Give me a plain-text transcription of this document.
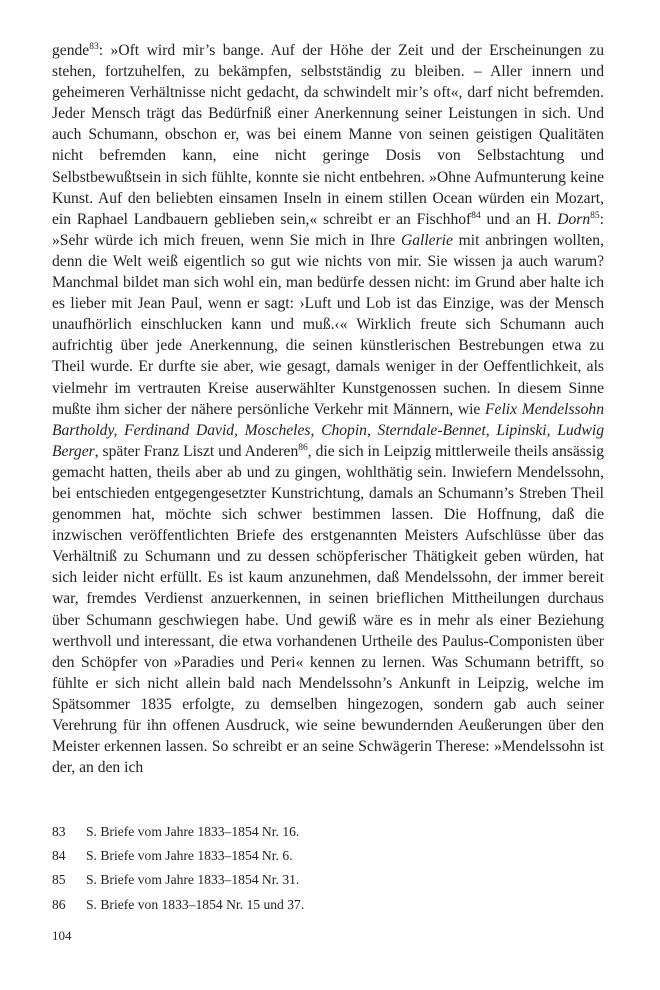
gende$^{83}$: »Oft wird mir’s bange. Auf der Höhe der Zeit und der Erscheinungen zu stehen, fortzuhelfen, zu bekämpfen, selbstständig zu bleiben. – Aller innern und geheimeren Verhältnisse nicht gedacht, da schwindelt mir’s oft«, darf nicht befremden. Jeder Mensch trägt das Bedürfniß einer Anerkennung seiner Leistungen in sich. Und auch Schumann, obschon er, was bei einem Manne von seinen geistigen Qualitäten nicht befremden kann, eine nicht geringe Dosis von Selbstachtung und Selbstbewußtsein in sich fühlte, konnte sie nicht entbehren. »Ohne Aufmunterung keine Kunst. Auf den beliebten einsamen Inseln in einem stillen Ocean würden ein Mozart, ein Raphael Landbauern geblieben sein,« schreibt er an Fischhof$^{84}$ und an H. Dorn$^{85}$: »Sehr würde ich mich freuen, wenn Sie mich in Ihre Gallerie mit anbringen wollten, denn die Welt weiß eigentlich so gut wie nichts von mir. Sie wissen ja auch warum? Manchmal bildet man sich wohl ein, man bedürfe dessen nicht: im Grund aber halte ich es lieber mit Jean Paul, wenn er sagt: ›Luft und Lob ist das Einzige, was der Mensch unaufhörlich einschlucken kann und muß.‹« Wirklich freute sich Schumann auch aufrichtig über jede Anerkennung, die seinen künstlerischen Bestrebungen etwa zu Theil wurde. Er durfte sie aber, wie gesagt, damals weniger in der Oeffentlichkeit, als vielmehr im vertrauten Kreise auserwählter Kunstgenossen suchen. In diesem Sinne mußte ihm sicher der nähere persönliche Verkehr mit Männern, wie Felix Mendelssohn Bartholdy, Ferdinand David, Moscheles, Chopin, Sterndale-Bennet, Lipinski, Ludwig Berger, später Franz Liszt und Anderen$^{86}$, die sich in Leipzig mittlerweile theils ansässig gemacht hatten, theils aber ab und zu gingen, wohlthätig sein. Inwiefern Mendelssohn, bei entschieden entgegengesetzter Kunstrichtung, damals an Schumann’s Streben Theil genommen hat, möchte sich schwer bestimmen lassen. Die Hoffnung, daß die inzwischen veröffentlichten Briefe des erstgenannten Meisters Aufschlüsse über das Verhältniß zu Schumann und zu dessen schöpferischer Thätigkeit geben würden, hat sich leider nicht erfüllt. Es ist kaum anzunehmen, daß Mendelssohn, der immer bereit war, fremdes Verdienst anzuerkennen, in seinen brieflichen Mittheilungen durchaus über Schumann geschwiegen habe. Und gewiß wäre es in mehr als einer Beziehung werthvoll und interessant, die etwa vorhandenen Urtheile des Paulus-Componisten über den Schöpfer von »Paradies und Peri« kennen zu lernen. Was Schumann betrifft, so fühlte er sich nicht allein bald nach Mendelssohn’s Ankunft in Leipzig, welche im Spätsommer 1835 erfolgte, zu demselben hingezogen, sondern gab auch seiner Verehrung für ihn offenen Ausdruck, wie seine bewundernden Aeußerungen über den Meister erkennen lassen. So schreibt er an seine Schwägerin Therese: »Mendelssohn ist der, an den ich

83	S. Briefe vom Jahre 1833–1854 Nr. 16.
84	S. Briefe vom Jahre 1833–1854 Nr. 6.
85	S. Briefe vom Jahre 1833–1854 Nr. 31.
86	S. Briefe von 1833–1854 Nr. 15 und 37.
104
